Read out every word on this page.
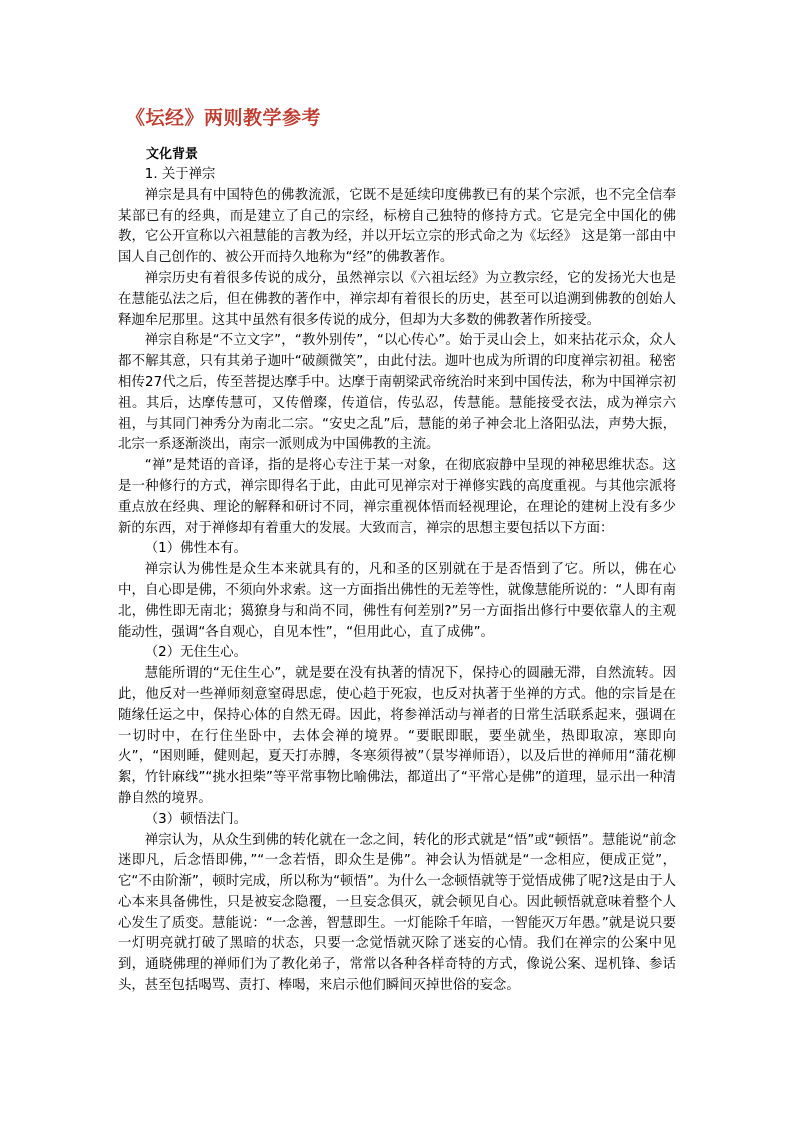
《坛经》两则教学参考
文化背景

1. 关于禅宗

禅宗是具有中国特色的佛教流派，它既不是延续印度佛教已有的某个宗派，也不完全信奉某部已有的经典，而是建立了自己的宗经，标榜自己独特的修持方式。它是完全中国化的佛教，它公开宣称以六祖慧能的言教为经，并以开坛立宗的形式命之为《坛经》 这是第一部由中国人自己创作的、被公开而持久地称为“经”的佛教著作。

禅宗历史有着很多传说的成分，虽然禅宗以《六祖坛经》为立教宗经，它的发扬光大也是在慧能弘法之后，但在佛教的著作中，禅宗却有着很长的历史，甚至可以追溯到佛教的创始人释迦牟尼那里。这其中虽然有很多传说的成分，但却为大多数的佛教著作所接受。

禅宗自称是“不立文字”，“教外别传”，“以心传心”。始于灵山会上，如来拈花示众，众人都不解其意，只有其弟子迦叶“破颜微笑”，由此付法。迦叶也成为所谓的印度禅宗初祖。秘密相传27代之后，传至菩提达摩手中。达摩于南朝梁武帝统治时来到中国传法，称为中国禅宗初祖。其后，达摩传慧可，又传僧璨，传道信，传弘忍，传慧能。慧能接受衣法，成为禅宗六祖，与其同门神秀分为南北二宗。“安史之乱”后，慧能的弟子神会北上洛阳弘法，声势大振，北宗一系逐渐淡出，南宗一派则成为中国佛教的主流。

“禅”是梵语的音译，指的是将心专注于某一对象，在彻底寂静中呈现的神秘思维状态。这是一种修行的方式，禅宗即得名于此，由此可见禅宗对于禅修实践的高度重视。与其他宗派将重点放在经典、理论的解释和研讨不同，禅宗重视体悟而轻视理论，在理论的建树上没有多少新的东西，对于禅修却有着重大的发展。大致而言，禅宗的思想主要包括以下方面：

（1）佛性本有。

禅宗认为佛性是众生本来就具有的，凡和圣的区别就在于是否悟到了它。所以，佛在心中，自心即是佛，不须向外求索。这一方面指出佛性的无差等性，就像慧能所说的：“人即有南北，佛性即无南北；獦獠身与和尚不同，佛性有何差别?”另一方面指出修行中要依靠人的主观能动性，强调“各自观心，自见本性”，“但用此心，直了成佛”。

（2）无住生心。

慧能所谓的“无住生心”，就是要在没有执著的情况下，保持心的圆融无滞，自然流转。因此，他反对一些禅师刻意窒碍思虑，使心趋于死寂，也反对执著于坐禅的方式。他的宗旨是在随缘任运之中，保持心体的自然无碍。因此，将参禅活动与禅者的日常生活联系起来，强调在一切时中，在行住坐卧中，去体会禅的境界。“要眠即眠，要坐就坐，热即取凉，寒即向火”，“困则睡，健则起，夏天打赤膊，冬寒须得被”（景岑禅师语），以及后世的禅师用“蒲花柳絮，竹针麻线”“挑水担柴”等平常事物比喻佛法，都道出了“平常心是佛”的道理，显示出一种清静自然的境界。

（3）顿悟法门。

禅宗认为，从众生到佛的转化就在一念之间，转化的形式就是“悟”或“顿悟”。慧能说“前念迷即凡，后念悟即佛，”“一念若悟，即众生是佛”。神会认为悟就是“一念相应，便成正觉”，它“不由阶渐”，顿时完成，所以称为“顿悟”。为什么一念顿悟就等于觉悟成佛了呢?这是由于人心本来具备佛性，只是被妄念隐覆，一旦妄念俱灭，就会顿见自心。因此顿悟就意味着整个人心发生了质变。慧能说：“一念善，智慧即生。一灯能除千年暗，一智能灭万年愚。”就是说只要一灯明亮就打破了黑暗的状态，只要一念觉悟就灭除了迷妄的心情。我们在禅宗的公案中见到，通晓佛理的禅师们为了教化弟子，常常以各种各样奇特的方式，像说公案、逞机锋、参话头，甚至包括喝骂、责打、棒喝，来启示他们瞬间灭掉世俗的妄念。
